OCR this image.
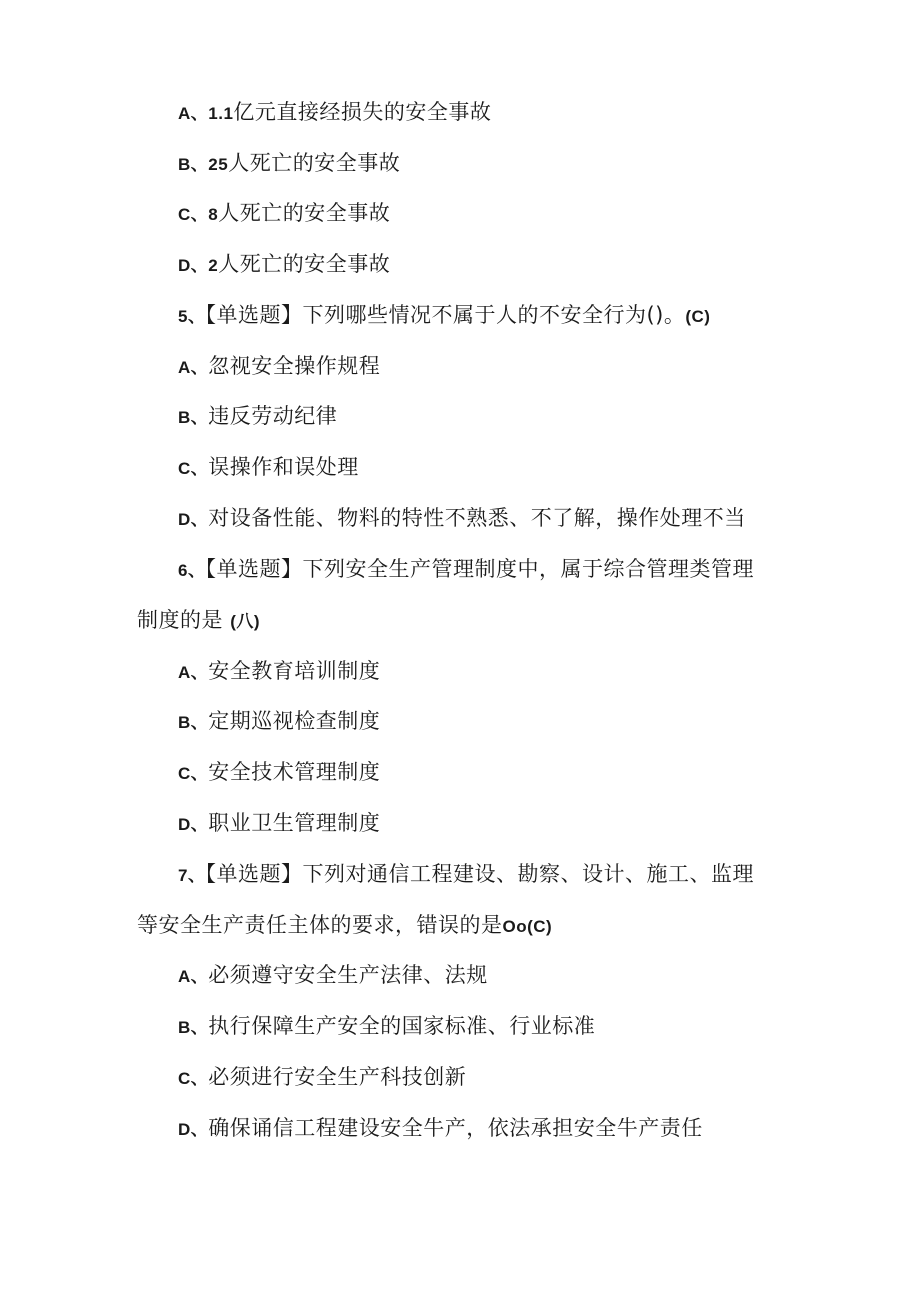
A、1.1亿元直接经损失的安全事故
B、25人死亡的安全事故
C、8人死亡的安全事故
D、2人死亡的安全事故
5、【单选题】下列哪些情况不属于人的不安全行为()。(C)
A、忽视安全操作规程
B、违反劳动纪律
C、误操作和误处理
D、对设备性能、物料的特性不熟悉、不了解，操作处理不当
6、【单选题】下列安全生产管理制度中，属于综合管理类管理
制度的是 (八)
A、安全教育培训制度
B、定期巡视检查制度
C、安全技术管理制度
D、职业卫生管理制度
7、【单选题】下列对通信工程建设、勘察、设计、施工、监理
等安全生产责任主体的要求，错误的是Oo(C)
A、必须遵守安全生产法律、法规
B、执行保障生产安全的国家标准、行业标准
C、必须进行安全生产科技创新
D、确保诵信工程建设安全牛产，依法承担安全牛产责任
